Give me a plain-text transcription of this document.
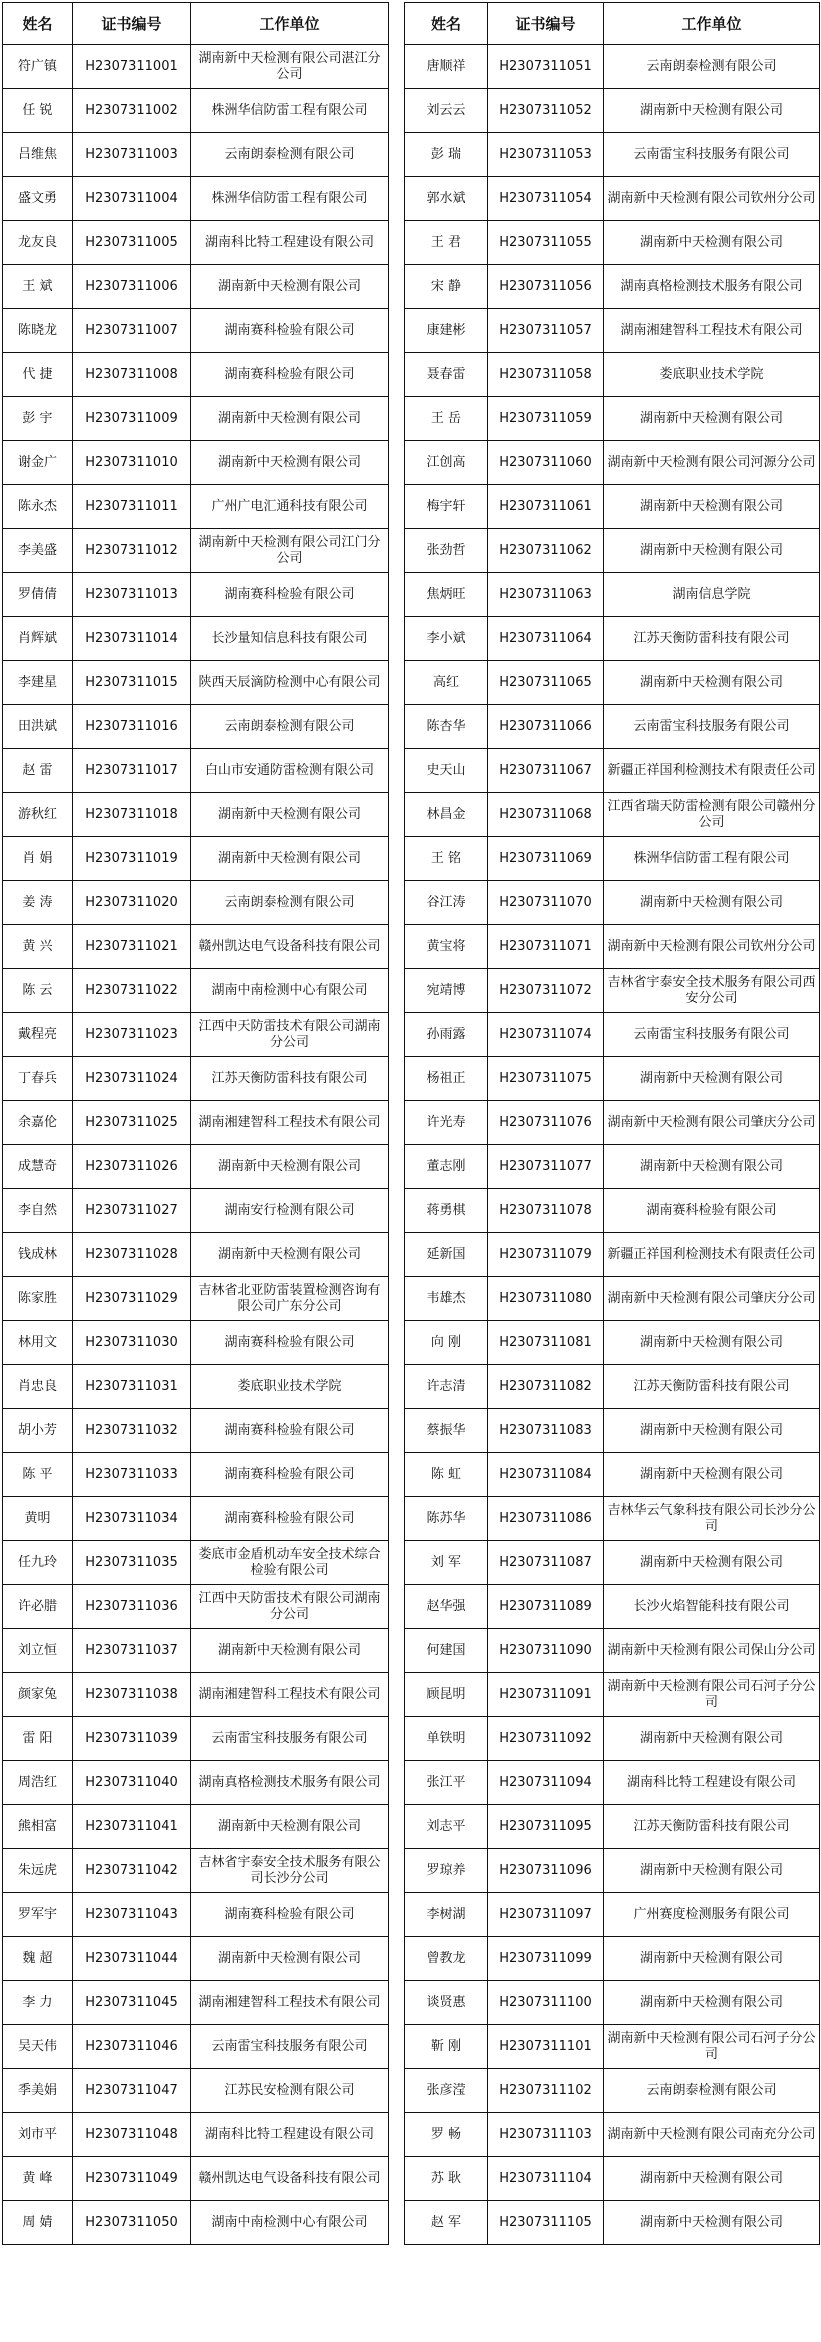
姓名	证书编号	工作单位
符广镇	H2307311001	湖南新中天检测有限公司湛江分公司
任 锐	H2307311002	株洲华信防雷工程有限公司
吕维焦	H2307311003	云南朗泰检测有限公司
盛文勇	H2307311004	株洲华信防雷工程有限公司
龙友良	H2307311005	湖南科比特工程建设有限公司
王 斌	H2307311006	湖南新中天检测有限公司
陈晓龙	H2307311007	湖南赛科检验有限公司
代 捷	H2307311008	湖南赛科检验有限公司
彭 宇	H2307311009	湖南新中天检测有限公司
谢金广	H2307311010	湖南新中天检测有限公司
陈永杰	H2307311011	广州广电汇通科技有限公司
李美盛	H2307311012	湖南新中天检测有限公司江门分公司
罗倩倩	H2307311013	湖南赛科检验有限公司
肖辉斌	H2307311014	长沙量知信息科技有限公司
李建星	H2307311015	陕西天辰滴防检测中心有限公司
田洪斌	H2307311016	云南朗泰检测有限公司
赵 雷	H2307311017	白山市安通防雷检测有限公司
游秋红	H2307311018	湖南新中天检测有限公司
肖 娟	H2307311019	湖南新中天检测有限公司
姜 涛	H2307311020	云南朗泰检测有限公司
黄 兴	H2307311021	赣州凯达电气设备科技有限公司
陈 云	H2307311022	湖南中南检测中心有限公司
戴程亮	H2307311023	江西中天防雷技术有限公司湖南分公司
丁春兵	H2307311024	江苏天衡防雷科技有限公司
余嘉伦	H2307311025	湖南湘建智科工程技术有限公司
成慧奇	H2307311026	湖南新中天检测有限公司
李自然	H2307311027	湖南安行检测有限公司
钱成林	H2307311028	湖南新中天检测有限公司
陈家胜	H2307311029	吉林省北亚防雷装置检测咨询有限公司广东分公司
林用文	H2307311030	湖南赛科检验有限公司
肖忠良	H2307311031	娄底职业技术学院
胡小芳	H2307311032	湖南赛科检验有限公司
陈 平	H2307311033	湖南赛科检验有限公司
黄明	H2307311034	湖南赛科检验有限公司
任九玲	H2307311035	娄底市金盾机动车安全技术综合检验有限公司
许必腊	H2307311036	江西中天防雷技术有限公司湖南分公司
刘立恒	H2307311037	湖南新中天检测有限公司
颜家兔	H2307311038	湖南湘建智科工程技术有限公司
雷 阳	H2307311039	云南雷宝科技服务有限公司
周浩红	H2307311040	湖南真格检测技术服务有限公司
熊相富	H2307311041	湖南新中天检测有限公司
朱远虎	H2307311042	吉林省宇泰安全技术服务有限公司长沙分公司
罗军宇	H2307311043	湖南赛科检验有限公司
魏 超	H2307311044	湖南新中天检测有限公司
李 力	H2307311045	湖南湘建智科工程技术有限公司
吴天伟	H2307311046	云南雷宝科技服务有限公司
季美娟	H2307311047	江苏民安检测有限公司
刘市平	H2307311048	湖南科比特工程建设有限公司
黄 峰	H2307311049	赣州凯达电气设备科技有限公司
周 婧	H2307311050	湖南中南检测中心有限公司
姓名	证书编号	工作单位
唐顺祥	H2307311051	云南朗泰检测有限公司
刘云云	H2307311052	湖南新中天检测有限公司
彭 瑞	H2307311053	云南雷宝科技服务有限公司
郭水斌	H2307311054	湖南新中天检测有限公司钦州分公司
王 君	H2307311055	湖南新中天检测有限公司
宋 静	H2307311056	湖南真格检测技术服务有限公司
康建彬	H2307311057	湖南湘建智科工程技术有限公司
聂春雷	H2307311058	娄底职业技术学院
王 岳	H2307311059	湖南新中天检测有限公司
江创高	H2307311060	湖南新中天检测有限公司河源分公司
梅宇轩	H2307311061	湖南新中天检测有限公司
张劲哲	H2307311062	湖南新中天检测有限公司
焦炳旺	H2307311063	湖南信息学院
李小斌	H2307311064	江苏天衡防雷科技有限公司
高红	H2307311065	湖南新中天检测有限公司
陈杏华	H2307311066	云南雷宝科技服务有限公司
史天山	H2307311067	新疆正祥国利检测技术有限责任公司
林昌金	H2307311068	江西省瑞天防雷检测有限公司赣州分公司
王 铭	H2307311069	株洲华信防雷工程有限公司
谷江涛	H2307311070	湖南新中天检测有限公司
黄宝将	H2307311071	湖南新中天检测有限公司钦州分公司
宛靖博	H2307311072	吉林省宇泰安全技术服务有限公司西安分公司
孙雨露	H2307311074	云南雷宝科技服务有限公司
杨祖正	H2307311075	湖南新中天检测有限公司
许光寿	H2307311076	湖南新中天检测有限公司肇庆分公司
董志刚	H2307311077	湖南新中天检测有限公司
蒋勇棋	H2307311078	湖南赛科检验有限公司
延新国	H2307311079	新疆正祥国利检测技术有限责任公司
韦雄杰	H2307311080	湖南新中天检测有限公司肇庆分公司
向 刚	H2307311081	湖南新中天检测有限公司
许志清	H2307311082	江苏天衡防雷科技有限公司
蔡振华	H2307311083	湖南新中天检测有限公司
陈 虹	H2307311084	湖南新中天检测有限公司
陈苏华	H2307311086	吉林华云气象科技有限公司长沙分公司
刘 军	H2307311087	湖南新中天检测有限公司
赵华强	H2307311089	长沙火焰智能科技有限公司
何建国	H2307311090	湖南新中天检测有限公司保山分公司
顾昆明	H2307311091	湖南新中天检测有限公司石河子分公司
单铁明	H2307311092	湖南新中天检测有限公司
张江平	H2307311094	湖南科比特工程建设有限公司
刘志平	H2307311095	江苏天衡防雷科技有限公司
罗琼养	H2307311096	湖南新中天检测有限公司
李树湖	H2307311097	广州赛度检测服务有限公司
曾教龙	H2307311099	湖南新中天检测有限公司
谈贤惠	H2307311100	湖南新中天检测有限公司
靳 刚	H2307311101	湖南新中天检测有限公司石河子分公司
张彦滢	H2307311102	云南朗泰检测有限公司
罗 畅	H2307311103	湖南新中天检测有限公司南充分公司
苏 耿	H2307311104	湖南新中天检测有限公司
赵 军	H2307311105	湖南新中天检测有限公司
